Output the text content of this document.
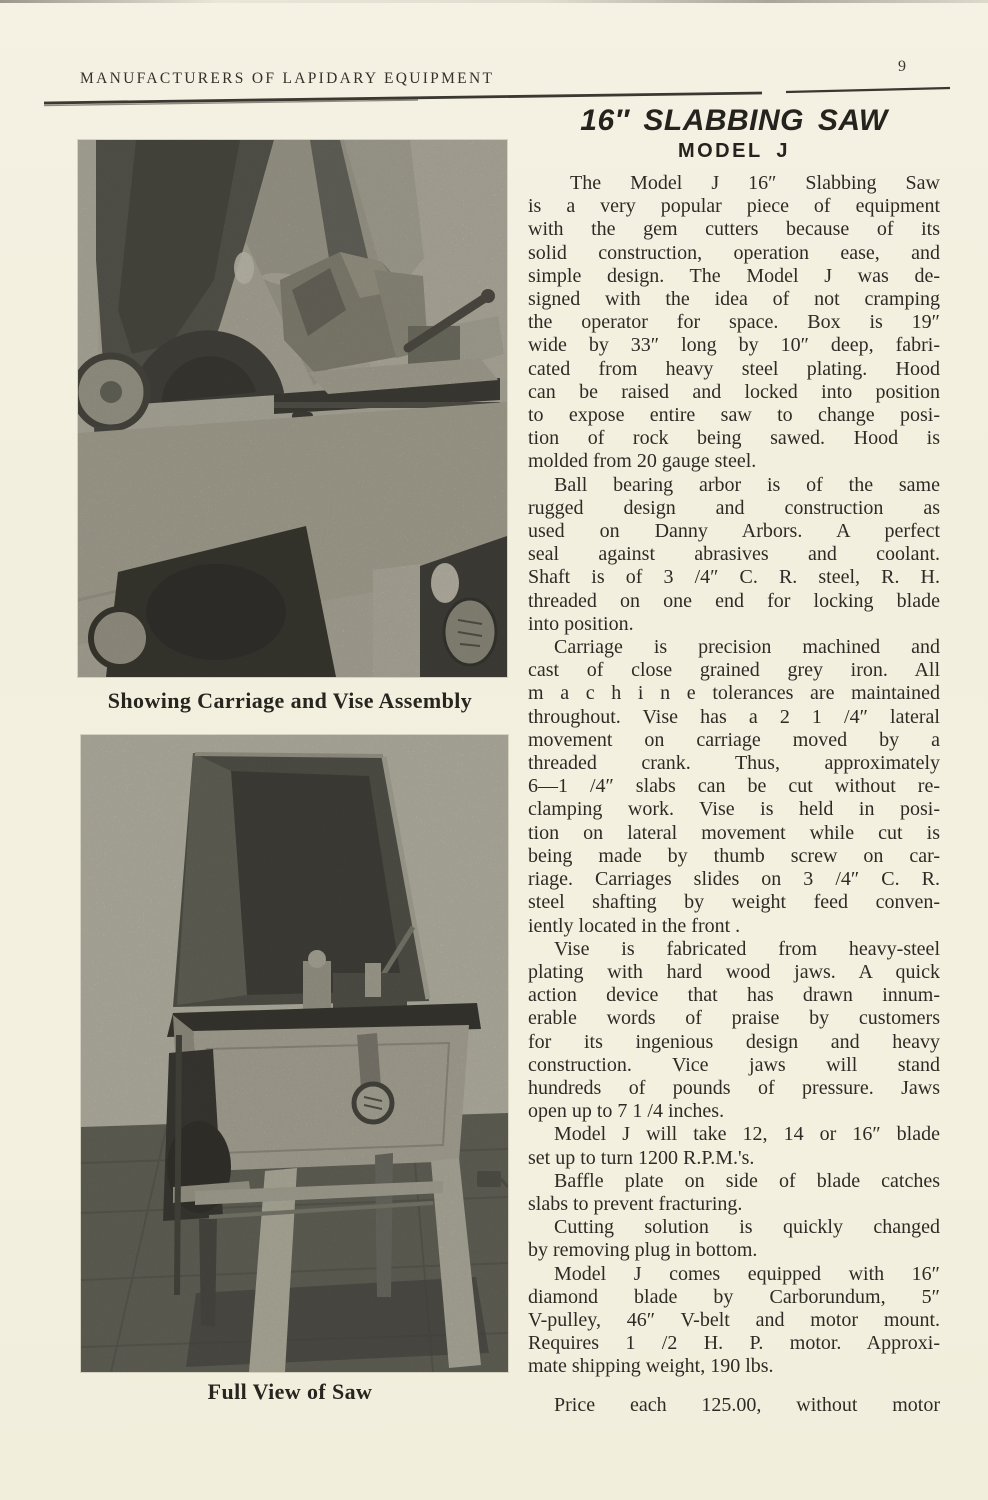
MANUFACTURERS OF LAPIDARY EQUIPMENT
9
Showing Carriage and Vise Assembly
Full View of Saw
16″ SLABBING SAW
MODEL J
The Model J 16″ Slabbing Saw
is a very popular piece of equipment
with the gem cutters because of its
solid construction, operation ease, and
simple design. The Model J was de-
signed with the idea of not cramping
the operator for space. Box is 19″
wide by 33″ long by 10″ deep, fabri-
cated from heavy steel plating. Hood
can be raised and locked into position
to expose entire saw to change posi-
tion of rock being sawed. Hood is
molded from 20 gauge steel.
Ball bearing arbor is of the same
rugged design and construction as
used on Danny Arbors. A perfect
seal against abrasives and coolant.
Shaft is of 3 /4″ C. R. steel, R. H.
threaded on one end for locking blade
into position.
Carriage is precision machined and
cast of close grained grey iron. All
m a c h i n e tolerances are maintained
throughout. Vise has a 2 1 /4″ lateral
movement on carriage moved by a
threaded crank. Thus, approximately
6—1 /4″ slabs can be cut without re-
clamping work. Vise is held in posi-
tion on lateral movement while cut is
being made by thumb screw on car-
riage. Carriages slides on 3 /4″ C. R.
steel shafting by weight feed conven-
iently located in the front .
Vise is fabricated from heavy-steel
plating with hard wood jaws. A quick
action device that has drawn innum-
erable words of praise by customers
for its ingenious design and heavy
construction. Vice jaws will stand
hundreds of pounds of pressure. Jaws
open up to 7 1 /4 inches.
Model J will take 12, 14 or 16″ blade
set up to turn 1200 R.P.M.'s.
Baffle plate on side of blade catches
slabs to prevent fracturing.
Cutting solution is quickly changed
by removing plug in bottom.
Model J comes equipped with 16″
diamond blade by Carborundum, 5″
V-pulley, 46″ V-belt and motor mount.
Requires 1 /2 H. P. motor. Approxi-
mate shipping weight, 190 lbs.
Price each 125.00, without motor
